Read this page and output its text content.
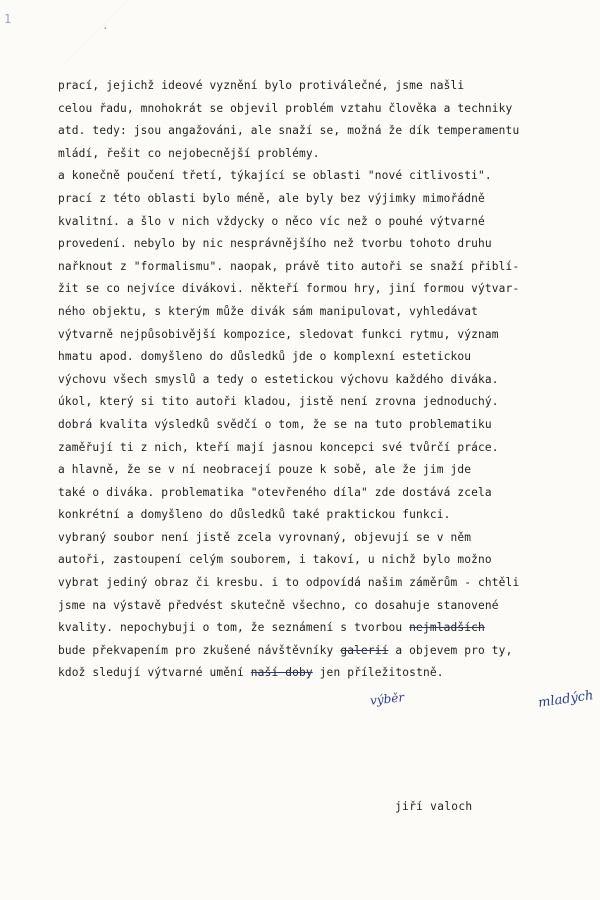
1
·
prací, jejichž ideové vyznění bylo protiválečné, jsme našli
celou řadu, mnohokrát se objevil problém vztahu člověka a techniky
atd. tedy: jsou angažováni, ale snaží se, možná že dík temperamentu
mládí, řešit co nejobecnější problémy.
a konečně poučení třetí, týkající se oblasti "nové citlivosti".
prací z této oblasti bylo méně, ale byly bez výjimky mimořádně
kvalitní. a šlo v nich vždycky o něco víc než o pouhé výtvarné
provedení. nebylo by nic nesprávnějšího než tvorbu tohoto druhu
nařknout z "formalismu". naopak, právě tito autoři se snaží přiblí-
žit se co nejvíce divákovi. někteří formou hry, jiní formou výtvar-
ného objektu, s kterým může divák sám manipulovat, vyhledávat
výtvarně nejpůsobivější kompozice, sledovat funkci rytmu, význam
hmatu apod. domyšleno do důsledků jde o komplexní estetickou
výchovu všech smyslů a tedy o estetickou výchovu každého diváka.
úkol, který si tito autoři kladou, jistě není zrovna jednoduchý.
dobrá kvalita výsledků svědčí o tom, že se na tuto problematiku
zaměřují ti z nich, kteří mají jasnou koncepci své tvůrčí práce.
a hlavně, že se v ní neobracejí pouze k sobě, ale že jim jde
také o diváka. problematika "otevřeného díla" zde dostává zcela
konkrétní a domyšleno do důsledků také praktickou funkci.
vybraný soubor není jistě zcela vyrovnaný, objevují se v něm
autoři, zastoupení celým souborem, i takoví, u nichž bylo možno
vybrat jediný obraz či kresbu. i to odpovídá našim záměrům - chtěli
jsme na výstavě předvést skutečně všechno, co dosahuje stanovené
kvality. nepochybuji o tom, že seznámení s tvorbou nejmladších
bude překvapením pro zkušené návštěvníky galerií a objevem pro ty,
kdož sledují výtvarné umění naší doby jen příležitostně.
výběr	mladých
jiří valoch
